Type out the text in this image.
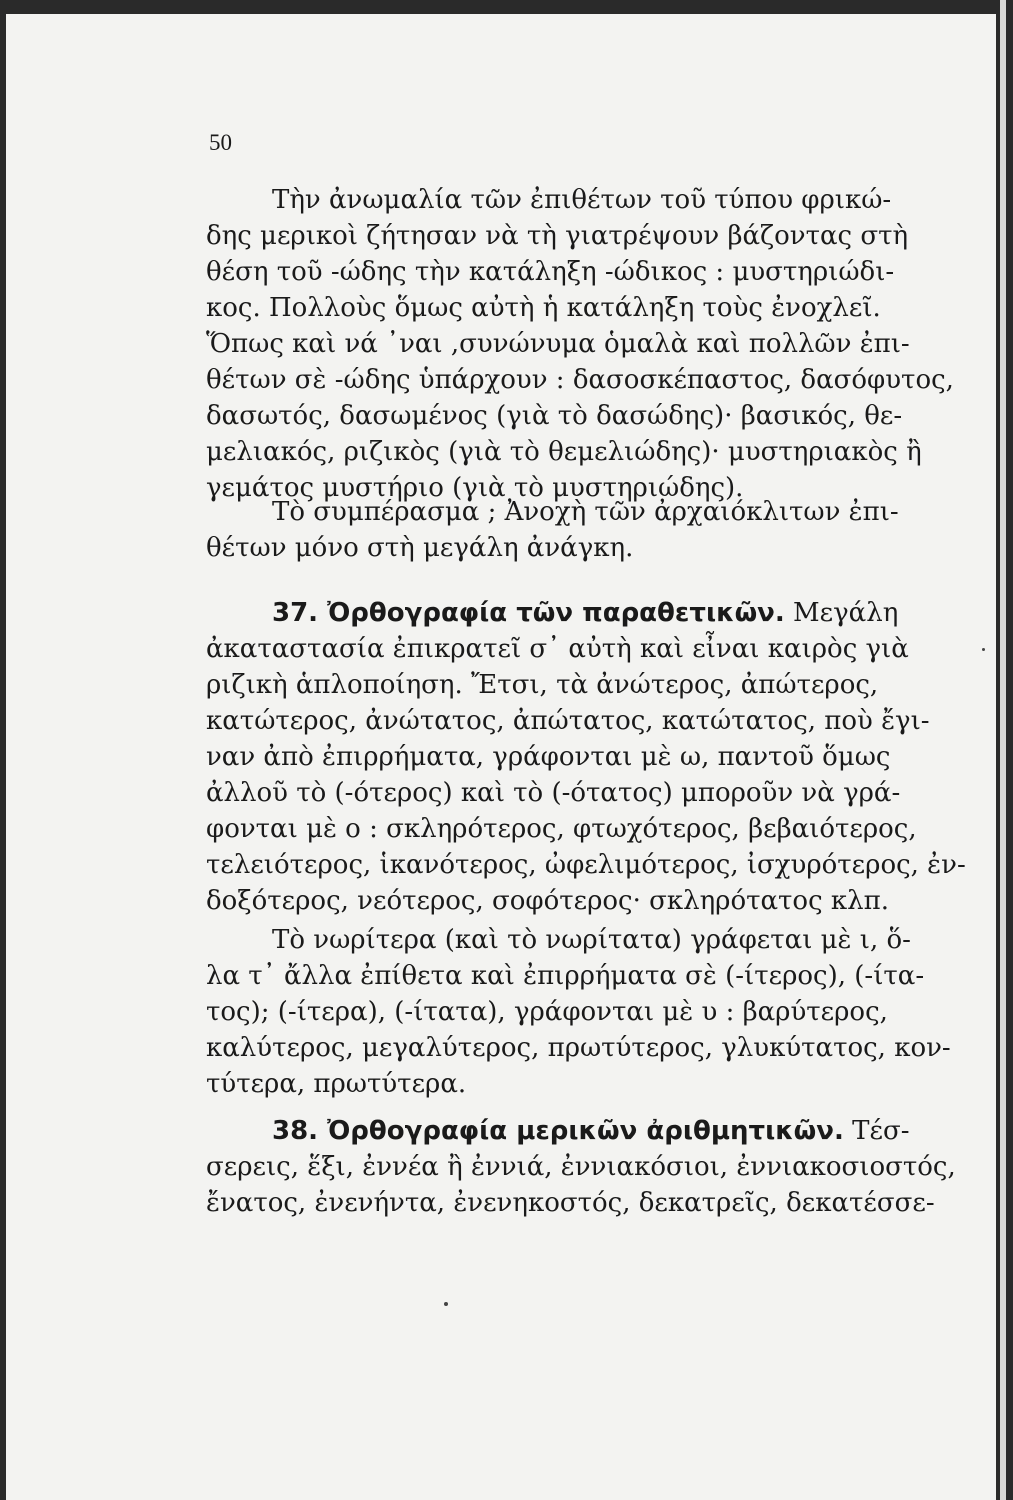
50
Τὴν ἀνωμαλία τῶν ἐπιθέτων τοῦ τύπου φρικώ-
δης μερικοὶ ζήτησαν νὰ τὴ γιατρέψουν βάζοντας στὴ
θέση τοῦ -ώδης τὴν κατάληξη -ώδικος : μυστηριώδι-
κος. Πολλοὺς ὅμως αὐτὴ ἡ κατάληξη τοὺς ἐνοχλεῖ.
Ὅπως καὶ νά ᾿ναι ,συνώνυμα ὁμαλὰ καὶ πολλῶν ἐπι-
θέτων σὲ -ώδης ὑπάρχουν : δασοσκέπαστος, δασόφυτος,
δασωτός, δασωμένος (γιὰ τὸ δασώδης)· βασικός, θε-
μελιακός, ριζικὸς (γιὰ τὸ θεμελιώδης)· μυστηριακὸς ἢ
γεμάτος μυστήριο (γιὰ τὸ μυστηριώδης).
Τὸ συμπέρασμα ; Ἀνοχὴ τῶν ἀρχαιόκλιτων ἐπι-
θέτων μόνο στὴ μεγάλη ἀνάγκη.
37. Ὀρθογραφία τῶν παραθετικῶν. Μεγάλη
ἀκαταστασία ἐπικρατεῖ σ᾿ αὐτὴ καὶ εἶναι καιρὸς γιὰ
ριζικὴ ἁπλοποίηση. Ἔτσι, τὰ ἀνώτερος, ἀπώτερος,
κατώτερος, ἀνώτατος, ἀπώτατος, κατώτατος, ποὺ ἔγι-
ναν ἀπὸ ἐπιρρήματα, γράφονται μὲ ω, παντοῦ ὅμως
ἀλλοῦ τὸ (-ότερος) καὶ τὸ (-ότατος) μποροῦν νὰ γρά-
φονται μὲ ο : σκληρότερος, φτωχότερος, βεβαιότερος,
τελειότερος, ἱκανότερος, ὠφελιμότερος, ἰσχυρότερος, ἐν-
δοξότερος, νεότερος, σοφότερος· σκληρότατος κλπ.
Τὸ νωρίτερα (καὶ τὸ νωρίτατα) γράφεται μὲ ι, ὅ-
λα τ᾿ ἄλλα ἐπίθετα καὶ ἐπιρρήματα σὲ (-ίτερος), (-ίτα-
τος); (-ίτερα), (-ίτατα), γράφονται μὲ υ : βαρύτερος,
καλύτερος, μεγαλύτερος, πρωτύτερος, γλυκύτατος, κον-
τύτερα, πρωτύτερα.
38. Ὀρθογραφία μερικῶν ἀριθμητικῶν. Τέσ-
σερεις, ἕξι, ἐννέα ἢ ἐννιά, ἐννιακόσιοι, ἐννιακοσιοστός,
ἔνατος, ἐνενήντα, ἐνενηκοστός, δεκατρεῖς, δεκατέσσε-
